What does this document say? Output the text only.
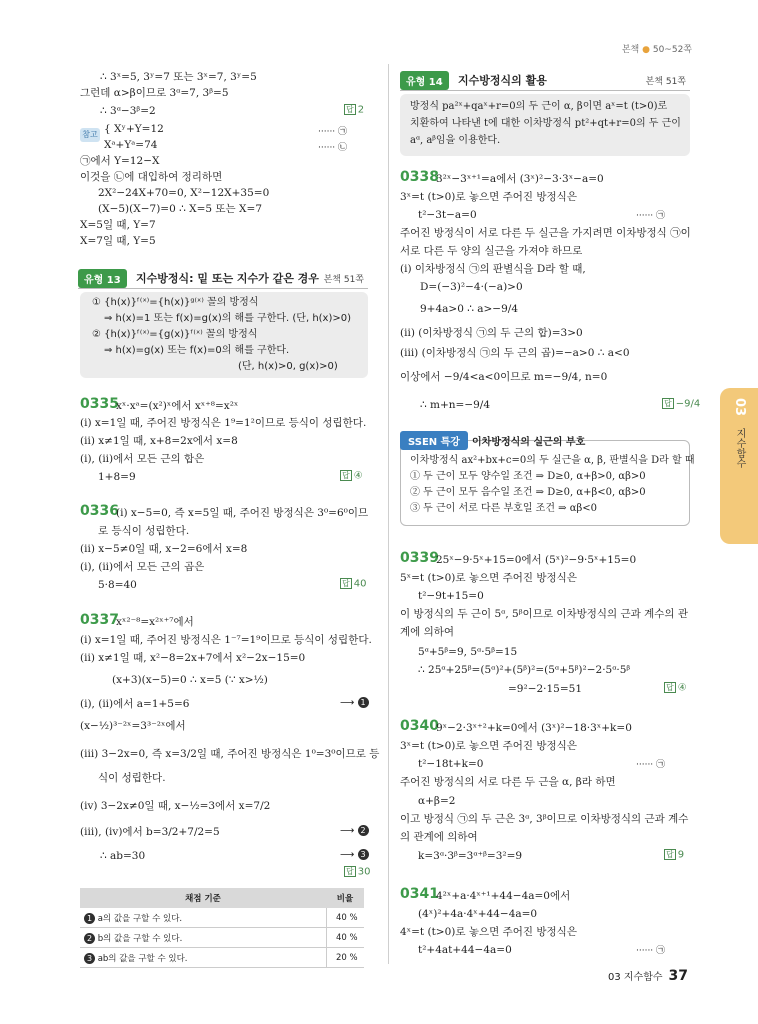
본책 ● 50~52쪽
∴ 3ˣ=5, 3ʸ=7 또는 3ˣ=7, 3ʸ=5
그런데 α>β이므로 3ᵅ=7, 3ᵝ=5
∴ 3ᵅ−3ᵝ=2	답 2
참고 { Xʸ+Y=12
Xᵃ+Yᵃ=74
······ ㉠
······ ㉡
㉠에서 Y=12−X
이것을 ㉡에 대입하여 정리하면
2X²−24X+70=0, X²−12X+35=0
(X−5)(X−7)=0 ∴ X=5 또는 X=7
X=5일 때, Y=7
X=7일 때, Y=5
유형 13	지수방정식: 밑 또는 지수가 같은 경우 본책 51쪽
① {h(x)}ᶠ⁽ˣ⁾={h(x)}ᵍ⁽ˣ⁾ 꼴의 방정식
⇒ h(x)=1 또는 f(x)=g(x)의 해를 구한다. (단, h(x)>0)
② {h(x)}ᶠ⁽ˣ⁾={g(x)}ᶠ⁽ˣ⁾ 꼴의 방정식
⇒ h(x)=g(x) 또는 f(x)=0의 해를 구한다.
(단, h(x)>0, g(x)>0)
0335
xˣ·xᵃ=(x²)ˣ에서 xˣ⁺⁸=x²ˣ
(i) x=1일 때, 주어진 방정식은 1⁹=1²이므로 등식이 성립한다.
(ii) x≠1일 때, x+8=2x에서 x=8
(i), (ii)에서 모든 근의 합은
1+8=9	답 ④
0336
(i) x−5=0, 즉 x=5일 때, 주어진 방정식은 3⁰=6⁰이므
로 등식이 성립한다.
(ii) x−5≠0일 때, x−2=6에서 x=8
(i), (ii)에서 모든 근의 곱은
5·8=40	답 40
0337
xˣ²⁻⁸=x²ˣ⁺⁷에서
(i) x=1일 때, 주어진 방정식은 1⁻⁷=1⁹이므로 등식이 성립한다.
(ii) x≠1일 때, x²−8=2x+7에서 x²−2x−15=0
(x+3)(x−5)=0 ∴ x=5 (∵ x>½)
(i), (ii)에서 a=1+5=6	⟶ 1
(x−½)³⁻²ˣ=3³⁻²ˣ에서
(iii) 3−2x=0, 즉 x=3/2일 때, 주어진 방정식은 1⁰=3⁰이므로 등
식이 성립한다.
(iv) 3−2x≠0일 때, x−½=3에서 x=7/2
(iii), (iv)에서 b=3/2+7/2=5	⟶ 2
∴ ab=30	⟶ 3
답 30
채점 기준	비율
1 a의 값을 구할 수 있다.	40 %
2 b의 값을 구할 수 있다.	40 %
3 ab의 값을 구할 수 있다.	20 %
유형 14	지수방정식의 활용	본책 51쪽
방정식 pa²ˣ+qaˣ+r=0의 두 근이 α, β이면 aˣ=t (t>0)로
치환하여 나타낸 t에 대한 이차방정식 pt²+qt+r=0의 두 근이
aᵅ, aᵝ임을 이용한다.
0338
3²ˣ−3ˣ⁺¹=a에서 (3ˣ)²−3·3ˣ−a=0
3ˣ=t (t>0)로 놓으면 주어진 방정식은
t²−3t−a=0	······ ㉠
주어진 방정식이 서로 다른 두 실근을 가지려면 이차방정식 ㉠이
서로 다른 두 양의 실근을 가져야 하므로
(i) 이차방정식 ㉠의 판별식을 D라 할 때,
D=(−3)²−4·(−a)>0
9+4a>0 ∴ a>−9/4
(ii) (이차방정식 ㉠의 두 근의 합)=3>0
(iii) (이차방정식 ㉠의 두 근의 곱)=−a>0 ∴ a<0
이상에서 −9/4<a<0이므로 m=−9/4, n=0
∴ m+n=−9/4	답 −9/4
SSEN 특강	이차방정식의 실근의 부호
이차방정식 ax²+bx+c=0의 두 실근을 α, β, 판별식을 D라 할 때
① 두 근이 모두 양수일 조건 ⇒ D≥0, α+β>0, αβ>0
② 두 근이 모두 음수일 조건 ⇒ D≥0, α+β<0, αβ>0
③ 두 근이 서로 다른 부호일 조건 ⇒ αβ<0
0339
25ˣ−9·5ˣ+15=0에서 (5ˣ)²−9·5ˣ+15=0
5ˣ=t (t>0)로 놓으면 주어진 방정식은
t²−9t+15=0
이 방정식의 두 근이 5ᵅ, 5ᵝ이므로 이차방정식의 근과 계수의 관
계에 의하여
5ᵅ+5ᵝ=9, 5ᵅ·5ᵝ=15
∴ 25ᵅ+25ᵝ=(5ᵅ)²+(5ᵝ)²=(5ᵅ+5ᵝ)²−2·5ᵅ·5ᵝ
=9²−2·15=51	답 ④
0340
9ˣ−2·3ˣ⁺²+k=0에서 (3ˣ)²−18·3ˣ+k=0
3ˣ=t (t>0)로 놓으면 주어진 방정식은
t²−18t+k=0	······ ㉠
주어진 방정식의 서로 다른 두 근을 α, β라 하면
α+β=2
이고 방정식 ㉠의 두 근은 3ᵅ, 3ᵝ이므로 이차방정식의 근과 계수
의 관계에 의하여
k=3ᵅ·3ᵝ=3ᵅ⁺ᵝ=3²=9	답 9
0341
4²ˣ+a·4ˣ⁺¹+44−4a=0에서
(4ˣ)²+4a·4ˣ+44−4a=0
4ˣ=t (t>0)로 놓으면 주어진 방정식은
t²+4at+44−4a=0	······ ㉠
03
지수함수
03 지수함수 37
